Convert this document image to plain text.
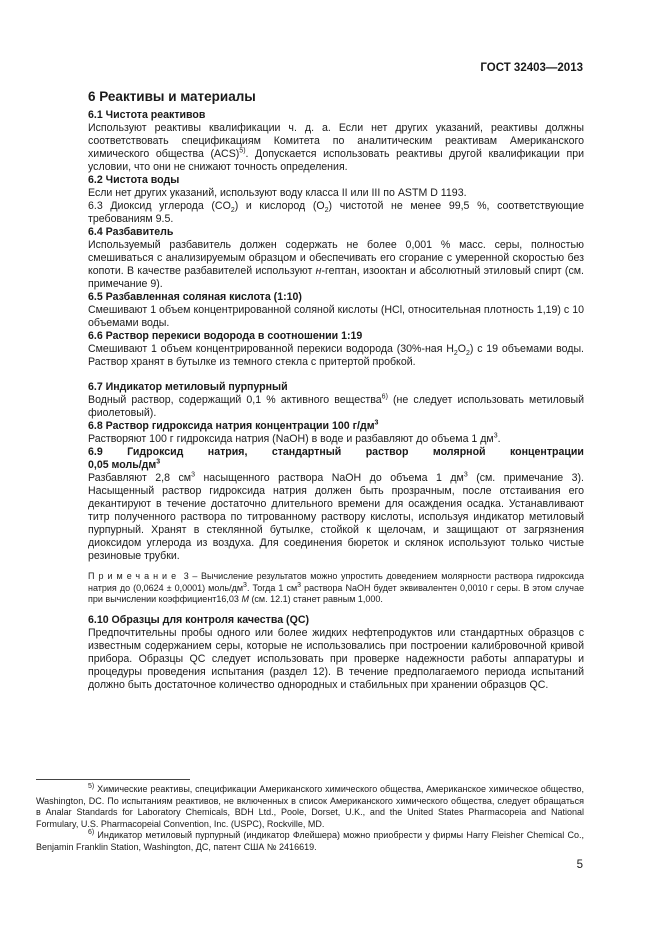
ГОСТ 32403—2013
6 Реактивы и материалы
6.1 Чистота реактивов

Используют реактивы квалификации ч. д. а. Если нет других указаний, реактивы должны соответствовать спецификациям Комитета по аналитическим реактивам Американского химического общества (ACS)$^{5)}$. Допускается использовать реактивы другой квалификации при условии, что они не снижают точность определения.

6.2 Чистота воды

Если нет других указаний, используют воду класса II или III по ASTM D 1193.

6.3 Диоксид углерода $(CO_2)$ и кислород $(O_2)$ чистотой не менее 99,5 %, соответствующие требованиям 9.5.

6.4 Разбавитель

Используемый разбавитель должен содержать не более 0,001 % масс. серы, полностью смешиваться с анализируемым образцом и обеспечивать его сгорание с умеренной скоростью без копоти. В качестве разбавителей используют н-гептан, изооктан и абсолютный этиловый спирт (см. примечание 9).

6.5 Разбавленная соляная кислота (1:10)

Смешивают 1 объем концентрированной соляной кислоты (HCl, относительная плотность 1,19) с 10 объемами воды.

6.6 Раствор перекиси водорода в соотношении 1:19

Смешивают 1 объем концентрированной перекиси водорода (30%-ная $H_2O_2$) с 19 объемами воды. Раствор хранят в бутылке из темного стекла с притертой пробкой.

6.7 Индикатор метиловый пурпурный

Водный раствор, содержащий 0,1 % активного вещества$^{6)}$ (не следует использовать метиловый фиолетовый).

6.8 Раствор гидроксида натрия концентрации 100 $г/дм^3$

Растворяют 100 г гидроксида натрия (NaOH) в воде и разбавляют до объема 1 $дм^3$.

6.9 Гидроксид натрия, стандартный раствор молярной концентрации
0,05 моль/$дм^3$

Разбавляют 2,8 $см^3$ насыщенного раствора NaOH до объема 1 $дм^3$ (см. примечание 3). Насыщенный раствор гидроксида натрия должен быть прозрачным, после отстаивания его декантируют в течение достаточно длительного времени для осаждения осадка. Устанавливают титр полученного раствора по титрованному раствору кислоты, используя индикатор метиловый пурпурный. Хранят в стеклянной бутылке, стойкой к щелочам, и защищают от загрязнения диоксидом углерода из воздуха. Для соединения бюреток и склянок используют только чистые резиновые трубки.

Примечание 3 – Вычисление результатов можно упростить доведением молярности раствора гидроксида натрия до (0,0624 ± 0,0001) моль/$дм^3$. Тогда 1 $см^3$ раствора NaOH будет эквивалентен 0,0010 г серы. В этом случае при вычислении коэффициент16,03 M (см. 12.1) станет равным 1,000.

6.10 Образцы для контроля качества (QC)

Предпочтительны пробы одного или более жидких нефтепродуктов или стандартных образцов с известным содержанием серы, которые не использовались при построении калибровочной кривой прибора. Образцы QC следует использовать при проверке надежности работы аппаратуры и процедуры проведения испытания (раздел 12). В течение предполагаемого периода испытаний должно быть достаточное количество однородных и стабильных при хранении образцов QC.

$^{5)}$ Химические реактивы, спецификации Американского химического общества, Американское химическое общество, Washington, DC. По испытаниям реактивов, не включенных в список Американского химического общества, следует обращаться в Analar Standards for Laboratory Chemicals, BDH Ltd., Poole, Dorset, U.K., and the United States Pharmacopeia and National Formulary, U.S. Pharmacopeial Convention, Inc. (USPC), Rockville, MD.

$^{6)}$ Индикатор метиловый пурпурный (индикатор Флейшера) можно приобрести у фирмы Harry Fleisher Chemical Co., Benjamin Franklin Station, Washington, ДС, патент США № 2416619.

5
